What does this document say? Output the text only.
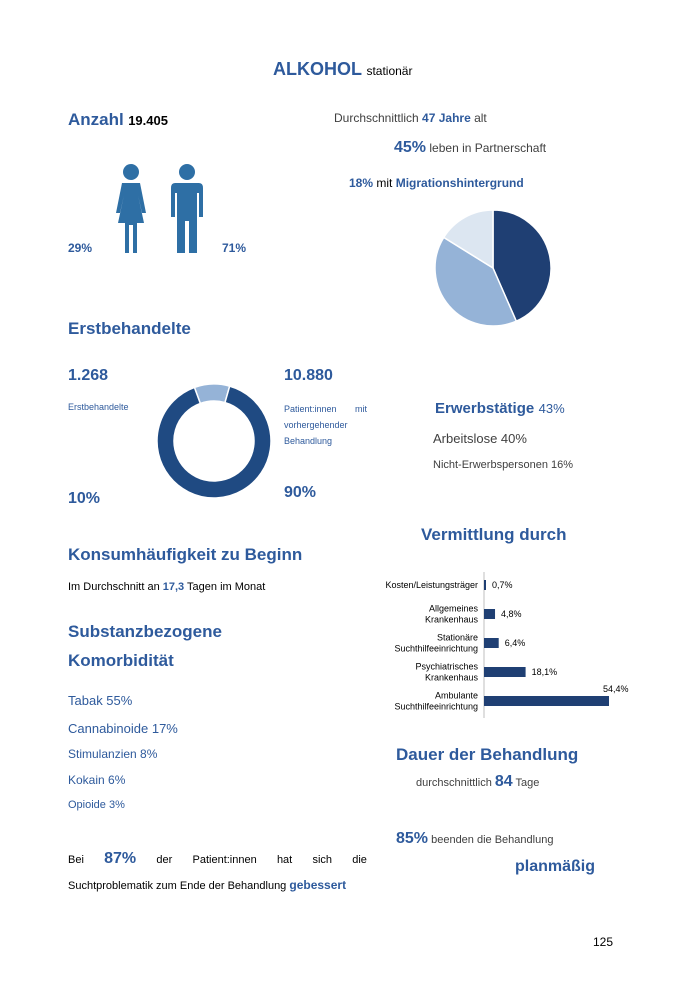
ALKOHOL stationär
Anzahl 19.405
29%	71%
Durchschnittlich 47 Jahre alt
45% leben in Partnerschaft
18% mit Migrationshintergrund
Erstbehandelte
1.268
Erstbehandelte
10%
10.880
Patient:innen mit
vorhergehender
Behandlung
90%
Erwerbstätige 43%
Arbeitslose 40%
Nicht-Erwerbspersonen 16%
Konsumhäufigkeit zu Beginn
Im Durchschnitt an 17,3 Tagen im Monat
Substanzbezogene
Komorbidität
Tabak 55%
Cannabinoide 17%
Stimulanzien 8%
Kokain 6%
Opioide 3%
Bei 87% der Patient:innen hat sich die
Suchtproblematik zum Ende der Behandlung gebessert
Vermittlung durch
Kosten/Leistungsträger 0,7%
Allgemeines
Krankenhaus
4,8%
Stationäre
Suchthilfeeinrichtung
6,4%
Psychiatrisches
Krankenhaus
18,1%
Ambulante
Suchthilfeeinrichtung
54,4%
Dauer der Behandlung
durchschnittlich 84 Tage
85% beenden die Behandlung
planmäßig
125
